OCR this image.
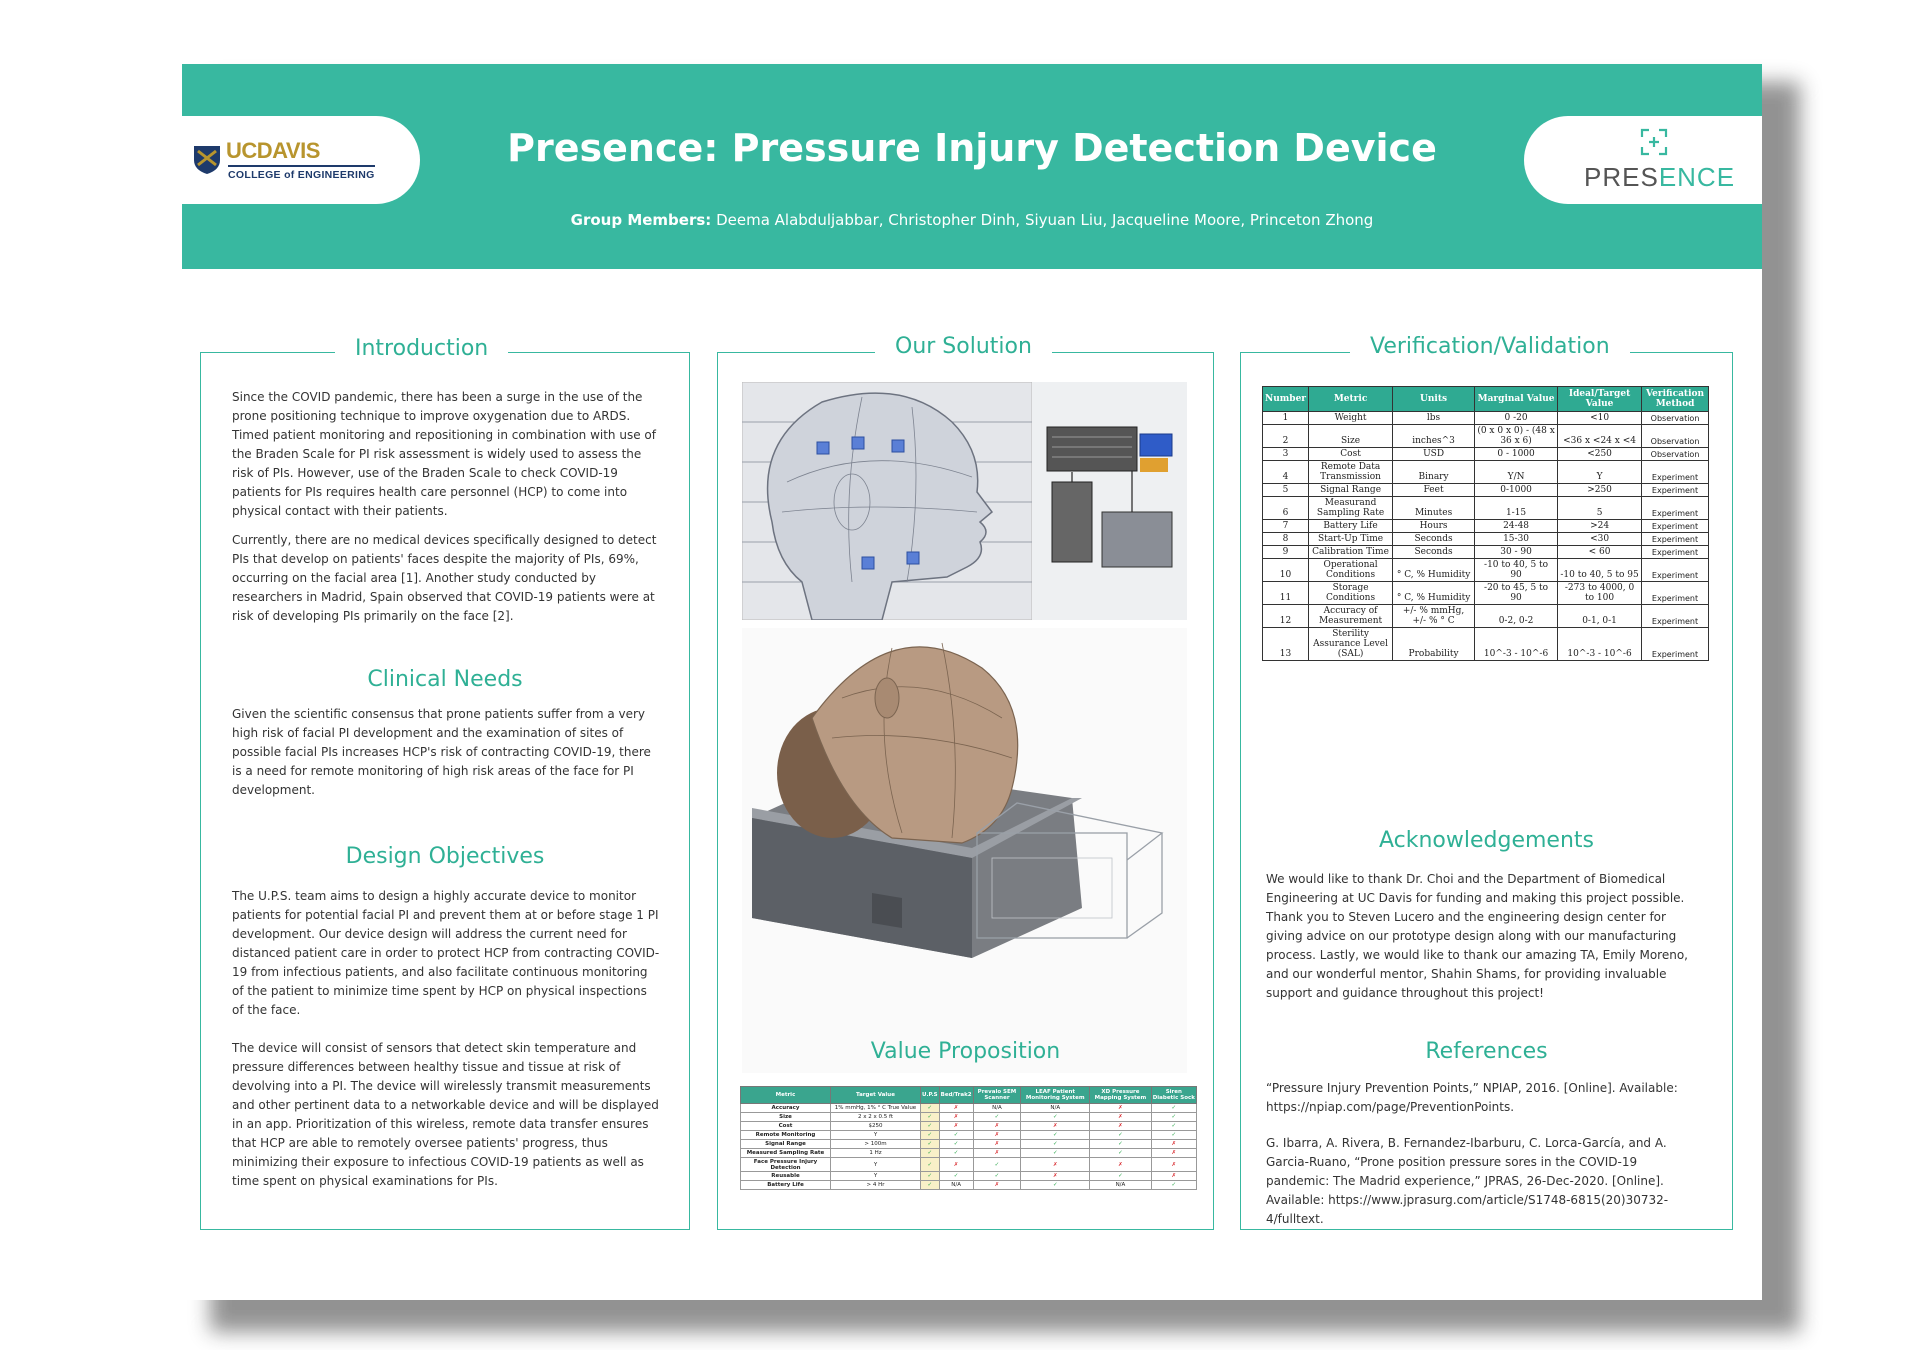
UCDAVIS
COLLEGE of ENGINEERING
Presence: Pressure Injury Detection Device
Group Members: Deema Alabduljabbar, Christopher Dinh, Siyuan Liu, Jacqueline Moore, Princeton Zhong
PRESENCE
Introduction
Since the COVID pandemic, there has been a surge in the use of the prone positioning technique to improve oxygenation due to ARDS. Timed patient monitoring and repositioning in combination with use of the Braden Scale for PI risk assessment is widely used to assess the risk of PIs. However, use of the Braden Scale to check COVID-19 patients for PIs requires health care personnel (HCP) to come into physical contact with their patients.
Currently, there are no medical devices specifically designed to detect PIs that develop on patients' faces despite the majority of PIs, 69%, occurring on the facial area [1]. Another study conducted by researchers in Madrid, Spain observed that COVID-19 patients were at risk of developing PIs primarily on the face [2].
Clinical Needs
Given the scientific consensus that prone patients suffer from a very high risk of facial PI development and the examination of sites of possible facial PIs increases HCP's risk of contracting COVID-19, there is a need for remote monitoring of high risk areas of the face for PI development.
Design Objectives
The U.P.S. team aims to design a highly accurate device to monitor patients for potential facial PI and prevent them at or before stage 1 PI development. Our device design will address the current need for distanced patient care in order to protect HCP from contracting COVID-19 from infectious patients, and also facilitate continuous monitoring of the patient to minimize time spent by HCP on physical inspections of the face.
The device will consist of sensors that detect skin temperature and pressure differences between healthy tissue and tissue at risk of devolving into a PI. The device will wirelessly transmit measurements and other pertinent data to a networkable device and will be displayed in an app. Prioritization of this wireless, remote data transfer ensures that HCP are able to remotely oversee patients' progress, thus minimizing their exposure to infectious COVID-19 patients as well as time spent on physical examinations for PIs.
Our Solution
Value Proposition
Metric	Target Value	U.P.S	Bed/Trak2	Prevalo SEM Scanner	LEAF Patient Monitoring System	XD Pressure Mapping System	Siren Diabetic Sock
Accuracy	1% mmHg, 1% ° C True Value	✓	✗	N/A	N/A	✗	✓
Size	2 x 2 x 0.5 ft	✓	✗	✓	✓	✗	✓
Cost	$250	✓	✗	✗	✗	✗	✓
Remote Monitoring	Y	✓	✓	✗	✓	✓	✓
Signal Range	> 100m	✓	✓	✗	✓	✓	✗
Measured Sampling Rate	1 Hz	✓	✓	✗	✓	✓	✗
Face Pressure Injury Detection	Y	✓	✗	✓	✗	✗	✗
Reusable	Y	✓	✓	✓	✗	✓	✗
Battery Life	> 4 Hr	✓	N/A	✗	✓	N/A	✓
Verification/Validation
Number	Metric	Units	Marginal Value	Ideal/Target Value	Verification Method
1	Weight	lbs	0 -20	<10	Observation
2	Size	inches^3	(0 x 0 x 0) - (48 x 36 x 6)	<36 x <24 x <4	Observation
3	Cost	USD	0 - 1000	<250	Observation
4	Remote Data Transmission	Binary	Y/N	Y	Experiment
5	Signal Range	Feet	0-1000	>250	Experiment
6	Measurand Sampling Rate	Minutes	1-15	5	Experiment
7	Battery Life	Hours	24-48	>24	Experiment
8	Start-Up Time	Seconds	15-30	<30	Experiment
9	Calibration Time	Seconds	30 - 90	< 60	Experiment
10	Operational Conditions	° C, % Humidity	-10 to 40, 5 to 90	-10 to 40, 5 to 95	Experiment
11	Storage Conditions	° C, % Humidity	-20 to 45, 5 to 90	-273 to 4000, 0 to 100	Experiment
12	Accuracy of Measurement	+/- % mmHg, +/- % ° C	0-2, 0-2	0-1, 0-1	Experiment
13	Sterility Assurance Level (SAL)	Probability	10^-3 - 10^-6	10^-3 - 10^-6	Experiment
Acknowledgements
We would like to thank Dr. Choi and the Department of Biomedical Engineering at UC Davis for funding and making this project possible. Thank you to Steven Lucero and the engineering design center for giving advice on our prototype design along with our manufacturing process. Lastly, we would like to thank our amazing TA, Emily Moreno, and our wonderful mentor, Shahin Shams, for providing invaluable support and guidance throughout this project!
References
“Pressure Injury Prevention Points,” NPIAP, 2016. [Online]. Available: https://npiap.com/page/PreventionPoints.
G. Ibarra, A. Rivera, B. Fernandez-Ibarburu, C. Lorca-García, and A. Garcia-Ruano, “Prone position pressure sores in the COVID-19 pandemic: The Madrid experience,” JPRAS, 26-Dec-2020. [Online]. Available: https://www.jprasurg.com/article/S1748-6815(20)30732-4/fulltext.
